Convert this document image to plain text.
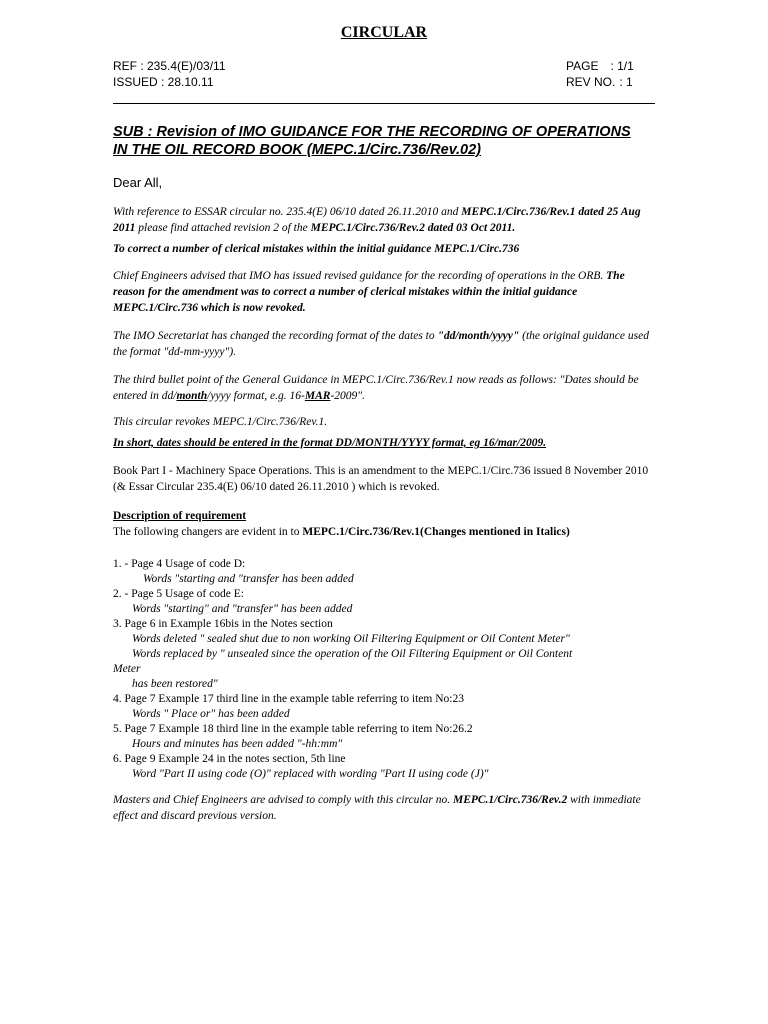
CIRCULAR
REF : 235.4(E)/03/11
ISSUED : 28.10.11
PAGE : 1/1
REV NO. : 1
SUB : Revision of IMO GUIDANCE FOR THE RECORDING OF OPERATIONS
IN THE OIL RECORD BOOK (MEPC.1/Circ.736/Rev.02)
Dear All,
With reference to ESSAR circular no. 235.4(E) 06/10 dated 26.11.2010 and MEPC.1/Circ.736/Rev.1 dated 25 Aug 2011 please find attached revision 2 of the MEPC.1/Circ.736/Rev.2 dated 03 Oct 2011.
To correct a number of clerical mistakes within the initial guidance MEPC.1/Circ.736
Chief Engineers advised that IMO has issued revised guidance for the recording of operations in the ORB. The reason for the amendment was to correct a number of clerical mistakes within the initial guidance MEPC.1/Circ.736 which is now revoked.
The IMO Secretariat has changed the recording format of the dates to "dd/month/yyyy" (the original guidance used the format "dd-mm-yyyy").
The third bullet point of the General Guidance in MEPC.1/Circ.736/Rev.1 now reads as follows: "Dates should be entered in dd/month/yyyy format, e.g. 16-MAR-2009".
This circular revokes MEPC.1/Circ.736/Rev.1.
In short, dates should be entered in the format DD/MONTH/YYYY format, eg 16/mar/2009.
Book Part I - Machinery Space Operations. This is an amendment to the MEPC.1/Circ.736 issued 8 November 2010 (& Essar Circular 235.4(E) 06/10 dated 26.11.2010 ) which is revoked.
Description of requirement
The following changers are evident in to MEPC.1/Circ.736/Rev.1(Changes mentioned in Italics)
1. - Page 4 Usage of code D:
Words "starting and "transfer has been added
2. - Page 5 Usage of code E:
Words "starting" and "transfer" has been added
3. Page 6 in Example 16bis in the Notes section
Words deleted " sealed shut due to non working Oil Filtering Equipment or Oil Content Meter"
Words replaced by " unsealed since the operation of the Oil Filtering Equipment or Oil Content
Meter
has been restored"
4. Page 7 Example 17 third line in the example table referring to item No:23
Words " Place or" has been added
5. Page 7 Example 18 third line in the example table referring to item No:26.2
Hours and minutes has been added "-hh:mm"
6. Page 9 Example 24 in the notes section, 5th line
Word "Part II using code (O)" replaced with wording "Part II using code (J)"
Masters and Chief Engineers are advised to comply with this circular no. MEPC.1/Circ.736/Rev.2 with immediate effect and discard previous version.
